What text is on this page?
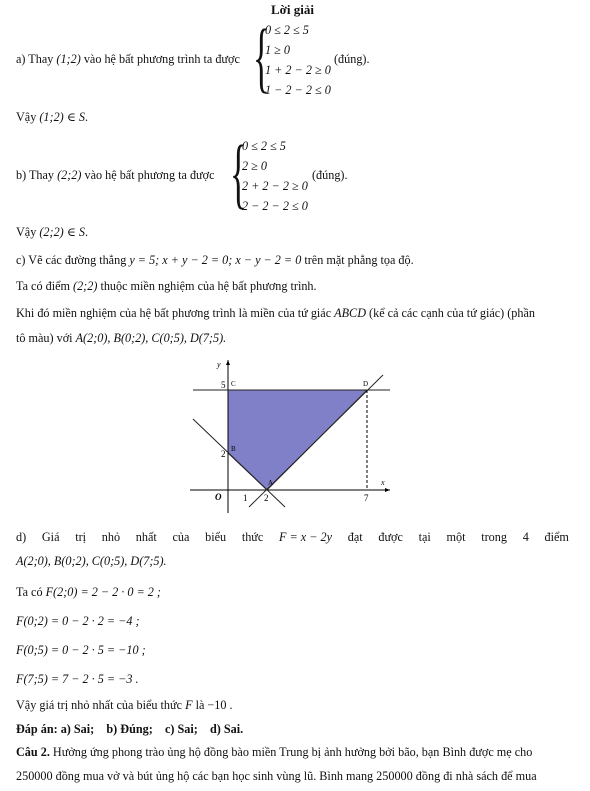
Lời giải
a) Thay (1;2) vào hệ bất phương trình ta được {
0 ≤ 2 ≤ 5
1 ≥ 0
1 + 2 − 2 ≥ 0
1 − 2 − 2 ≤ 0
(đúng).
Vậy (1;2) ∈ S.
b) Thay (2;2) vào hệ bất phương ta được {
0 ≤ 2 ≤ 5
2 ≥ 0
2 + 2 − 2 ≥ 0
2 − 2 − 2 ≤ 0
(đúng).
Vậy (2;2) ∈ S.
c) Vẽ các đường thẳng y = 5; x + y − 2 = 0; x − y − 2 = 0 trên mặt phẳng tọa độ.
Ta có điểm (2;2) thuộc miền nghiệm của hệ bất phương trình.
Khi đó miền nghiệm của hệ bất phương trình là miền của tứ giác ABCD (kể cả các cạnh của tứ giác) (phần
tô màu) với A(2;0), B(0;2), C(0;5), D(7;5).
y
x
O 1 2	7
2
5
A
B
C	D
d) Giá trị nhỏ nhất của biểu thức F = x − 2y đạt được tại một trong 4 điểm
A(2;0), B(0;2), C(0;5), D(7;5).
Ta có F(2;0) = 2 − 2 · 0 = 2 ;
F(0;2) = 0 − 2 · 2 = −4 ;
F(0;5) = 0 − 2 · 5 = −10 ;
F(7;5) = 7 − 2 · 5 = −3 .
Vậy giá trị nhỏ nhất của biểu thức F là −10 .
Đáp án: a) Sai;    b) Đúng;    c) Sai;    d) Sai.
Câu 2. Hưởng ứng phong trào ủng hộ đồng bào miền Trung bị ảnh hưởng bởi bão, bạn Bình được mẹ cho
250000 đồng mua vở và bút ủng hộ các bạn học sinh vùng lũ. Bình mang 250000 đồng đi nhà sách để mua
